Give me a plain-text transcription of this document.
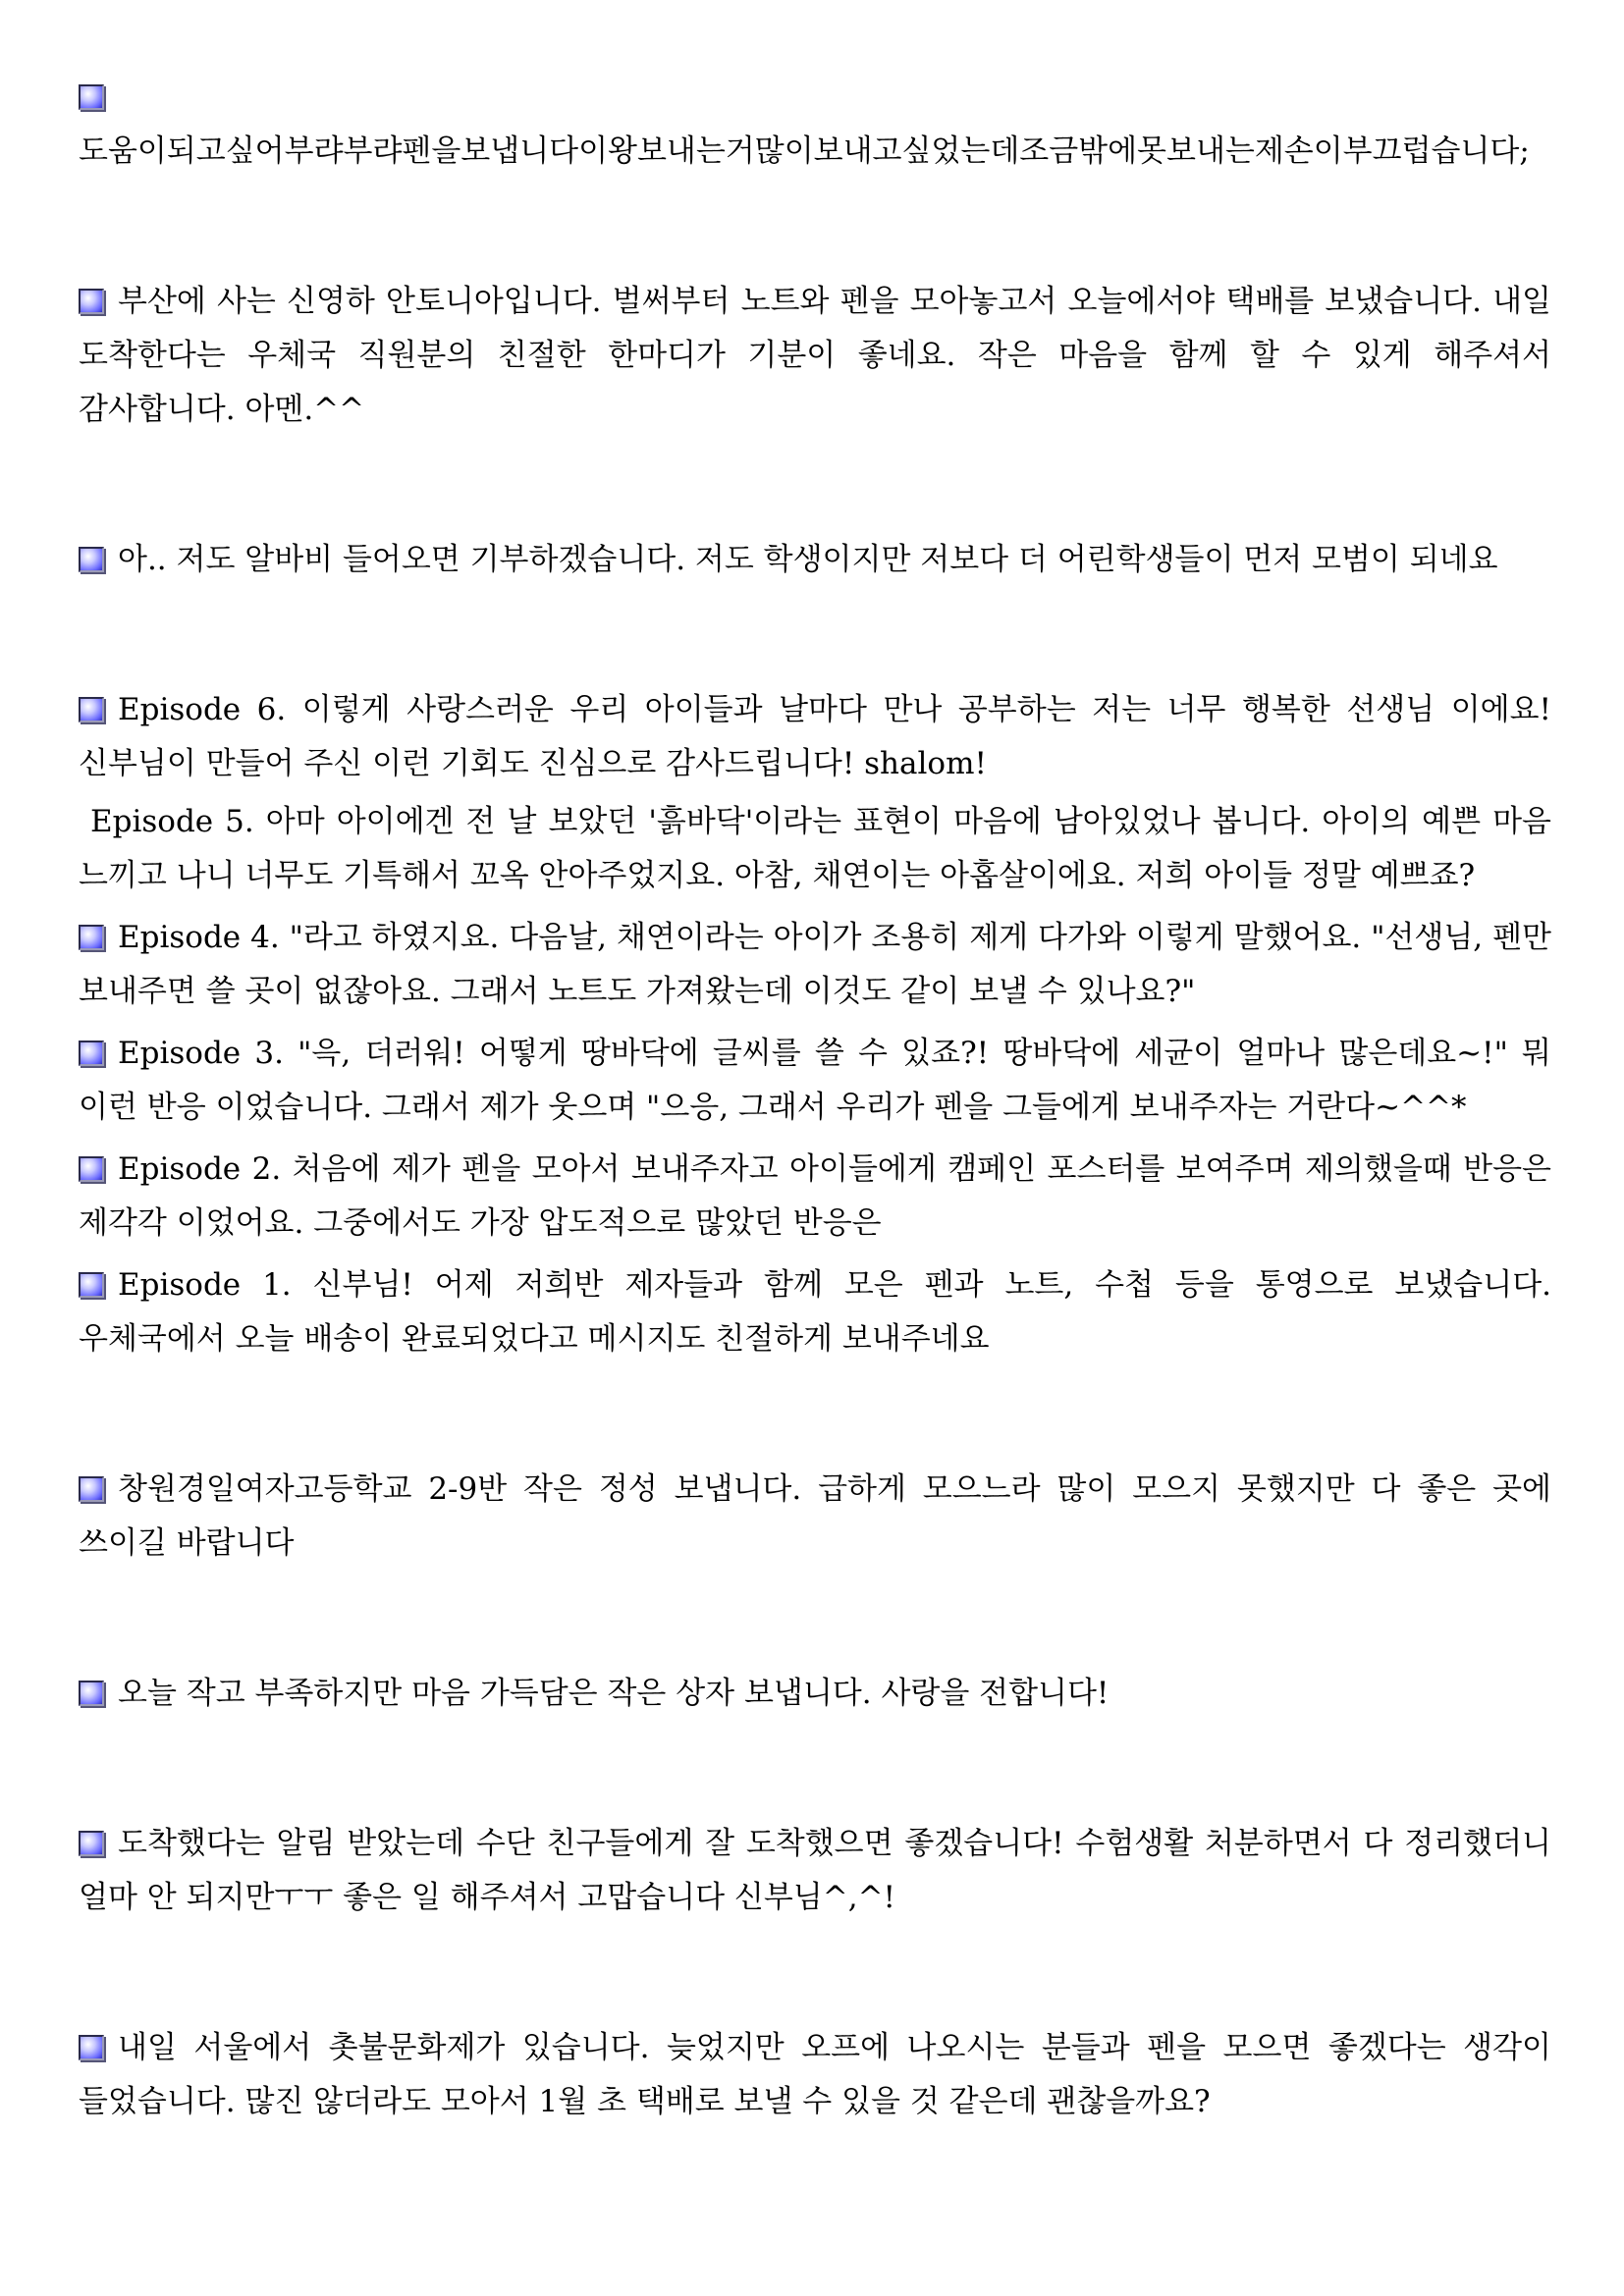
도움이되고싶어부랴부랴펜을보냅니다이왕보내는거많이보내고싶었는데조금밖에못보내는제손이부끄럽습니다;

부산에 사는 신영하 안토니아입니다. 벌써부터 노트와 펜을 모아놓고서 오늘에서야 택배를 보냈습니다. 내일 도착한다는 우체국 직원분의 친절한 한마디가 기분이 좋네요. 작은 마음을 함께 할 수 있게 해주셔서 감사합니다. 아멘.^^

아.. 저도 알바비 들어오면 기부하겠습니다. 저도 학생이지만 저보다 더 어린학생들이 먼저 모범이 되네요

Episode 6. 이렇게 사랑스러운 우리 아이들과 날마다 만나 공부하는 저는 너무 행복한 선생님 이에요! 신부님이 만들어 주신 이런 기회도 진심으로 감사드립니다! shalom!

Episode 5. 아마 아이에겐 전 날 보았던 '흙바닥'이라는 표현이 마음에 남아있었나 봅니다. 아이의 예쁜 마음 느끼고 나니 너무도 기특해서 꼬옥 안아주었지요. 아참, 채연이는 아홉살이에요. 저희 아이들 정말 예쁘죠?

Episode 4. "라고 하였지요. 다음날, 채연이라는 아이가 조용히 제게 다가와 이렇게 말했어요. "선생님, 펜만 보내주면 쓸 곳이 없잖아요. 그래서 노트도 가져왔는데 이것도 같이 보낼 수 있나요?"

Episode 3. "윽, 더러워! 어떻게 땅바닥에 글씨를 쓸 수 있죠?! 땅바닥에 세균이 얼마나 많은데요~!" 뭐 이런 반응 이었습니다. 그래서 제가 웃으며 "으응, 그래서 우리가 펜을 그들에게 보내주자는 거란다~^^*

Episode 2. 처음에 제가 펜을 모아서 보내주자고 아이들에게 캠페인 포스터를 보여주며 제의했을때 반응은 제각각 이었어요. 그중에서도 가장 압도적으로 많았던 반응은

Episode 1. 신부님! 어제 저희반 제자들과 함께 모은 펜과 노트, 수첩 등을 통영으로 보냈습니다. 우체국에서 오늘 배송이 완료되었다고 메시지도 친절하게 보내주네요

창원경일여자고등학교 2-9반 작은 정성 보냅니다. 급하게 모으느라 많이 모으지 못했지만 다 좋은 곳에 쓰이길 바랍니다

오늘 작고 부족하지만 마음 가득담은 작은 상자 보냅니다. 사랑을 전합니다!

도착했다는 알림 받았는데 수단 친구들에게 잘 도착했으면 좋겠습니다! 수험생활 처분하면서 다 정리했더니 얼마 안 되지만ㅜㅜ 좋은 일 해주셔서 고맙습니다 신부님^,^!

내일 서울에서 촛불문화제가 있습니다. 늦었지만 오프에 나오시는 분들과 펜을 모으면 좋겠다는 생각이 들었습니다. 많진 않더라도 모아서 1월 초 택배로 보낼 수 있을 것 같은데 괜찮을까요?
